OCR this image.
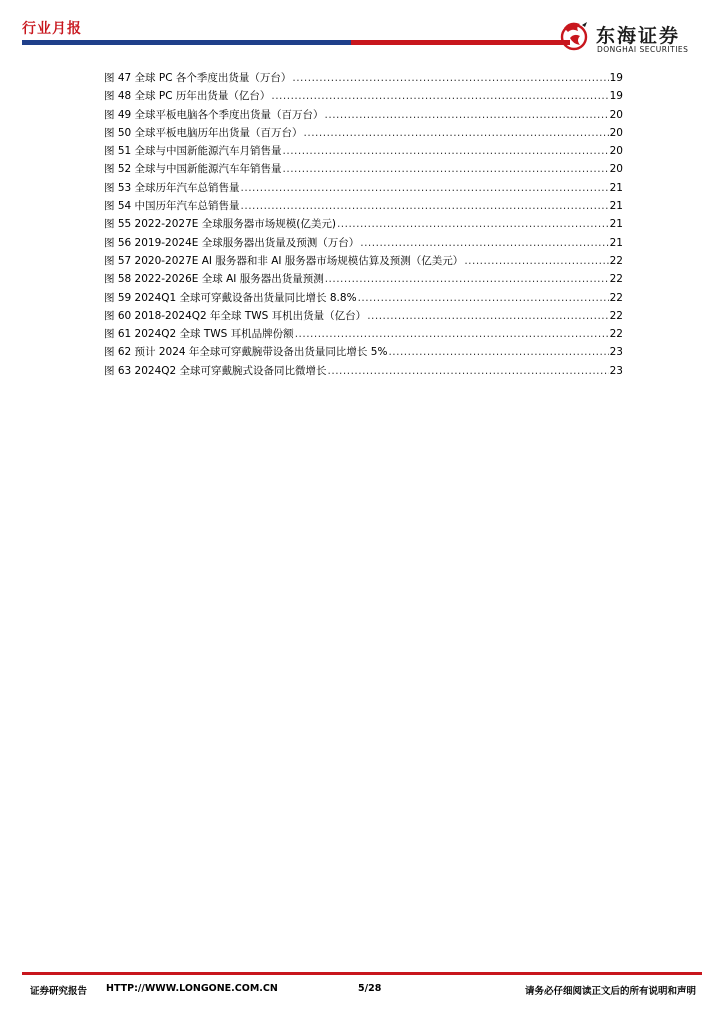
行业月报	东海证券
DONGHAI SECURITIES
图 47 全球 PC 各个季度出货量（万台） .....	19
图 48 全球 PC 历年出货量（亿台） .....	19
图 49 全球平板电脑各个季度出货量（百万台） .....	20
图 50 全球平板电脑历年出货量（百万台） .....	20
图 51 全球与中国新能源汽车月销售量 .....	20
图 52 全球与中国新能源汽车年销售量 .....	20
图 53 全球历年汽车总销售量 .....	21
图 54 中国历年汽车总销售量 .....	21
图 55 2022-2027E 全球服务器市场规模(亿美元) .....	21
图 56 2019-2024E 全球服务器出货量及预测（万台） .....	21
图 57 2020-2027E AI 服务器和非 AI 服务器市场规模估算及预测（亿美元） .....	22
图 58 2022-2026E 全球 AI 服务器出货量预测 .....	22
图 59 2024Q1 全球可穿戴设备出货量同比增长 8.8% .....	22
图 60 2018-2024Q2 年全球 TWS 耳机出货量（亿台） .....	22
图 61 2024Q2 全球 TWS 耳机品牌份额 .....	22
图 62 预计 2024 年全球可穿戴腕带设备出货量同比增长 5% .....	23
图 63 2024Q2 全球可穿戴腕式设备同比微增长 .....	23
证券研究报告 HTTP://WWW.LONGONE.COM.CN	5/28	请务必仔细阅读正文后的所有说明和声明
